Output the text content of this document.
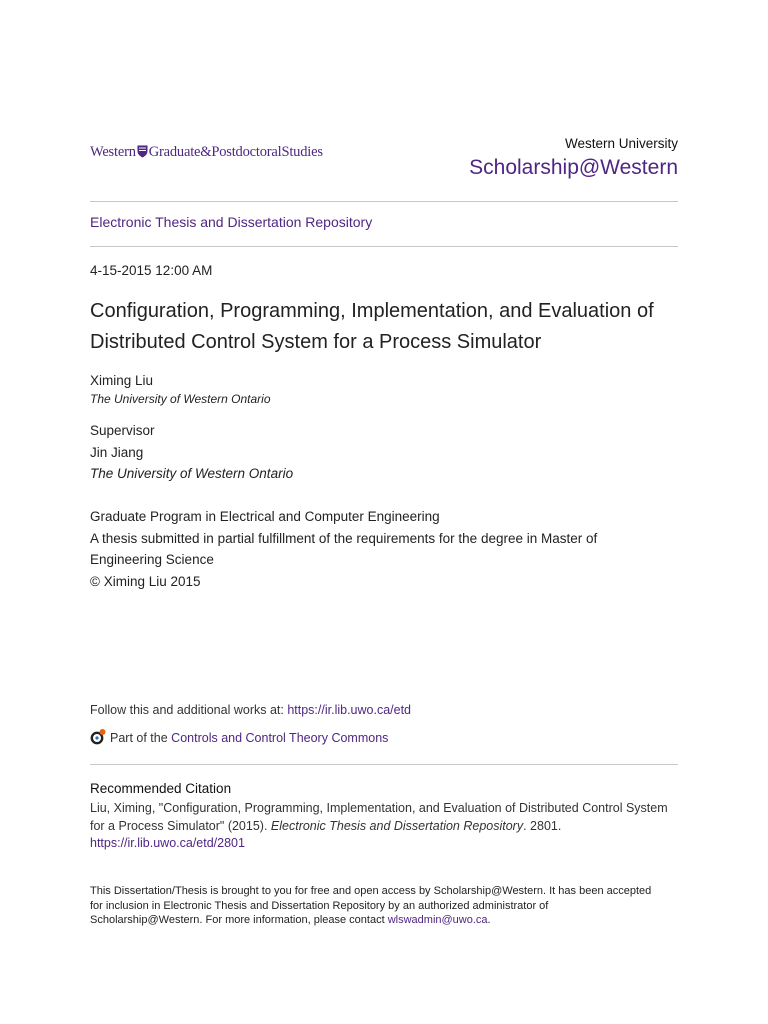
Western Graduate&PostdoctoralStudies
Western University
Scholarship@Western
Electronic Thesis and Dissertation Repository
4-15-2015 12:00 AM
Configuration, Programming, Implementation, and Evaluation of Distributed Control System for a Process Simulator
Ximing Liu
The University of Western Ontario
Supervisor
Jin Jiang
The University of Western Ontario
Graduate Program in Electrical and Computer Engineering
A thesis submitted in partial fulfillment of the requirements for the degree in Master of
Engineering Science
© Ximing Liu 2015
Follow this and additional works at: https://ir.lib.uwo.ca/etd
Part of the
Controls and Control Theory Commons
Recommended Citation
Liu, Ximing, "Configuration, Programming, Implementation, and Evaluation of Distributed Control System
for a Process Simulator" (2015). Electronic Thesis and Dissertation Repository. 2801.
https://ir.lib.uwo.ca/etd/2801
This Dissertation/Thesis is brought to you for free and open access by Scholarship@Western. It has been accepted
for inclusion in Electronic Thesis and Dissertation Repository by an authorized administrator of
Scholarship@Western. For more information, please contact wlswadmin@uwo.ca.
